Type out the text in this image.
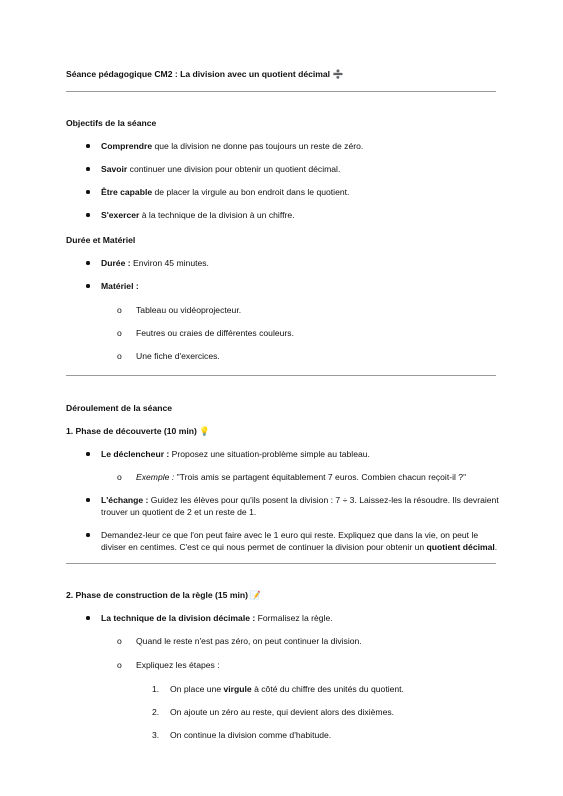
Séance pédagogique CM2 : La division avec un quotient décimal ➗
Objectifs de la séance
Comprendre que la division ne donne pas toujours un reste de zéro.
Savoir continuer une division pour obtenir un quotient décimal.
Être capable de placer la virgule au bon endroit dans le quotient.
S'exercer à la technique de la division à un chiffre.
Durée et Matériel
Durée : Environ 45 minutes.
Matériel :
o Tableau ou vidéoprojecteur.
o Feutres ou craies de différentes couleurs.
o Une fiche d'exercices.
Déroulement de la séance
1. Phase de découverte (10 min) 💡
Le déclencheur : Proposez une situation-problème simple au tableau.
o Exemple : "Trois amis se partagent équitablement 7 euros. Combien chacun reçoit-il ?"
L'échange : Guidez les élèves pour qu'ils posent la division : 7 ÷ 3. Laissez-les la résoudre. Ils devraient trouver un quotient de 2 et un reste de 1.
Demandez-leur ce que l'on peut faire avec le 1 euro qui reste. Expliquez que dans la vie, on peut le diviser en centimes. C'est ce qui nous permet de continuer la division pour obtenir un quotient décimal.
2. Phase de construction de la règle (15 min) 📝
La technique de la division décimale : Formalisez la règle.
o Quand le reste n'est pas zéro, on peut continuer la division.
o Expliquez les étapes :
1. On place une virgule à côté du chiffre des unités du quotient.
2. On ajoute un zéro au reste, qui devient alors des dixièmes.
3. On continue la division comme d'habitude.
